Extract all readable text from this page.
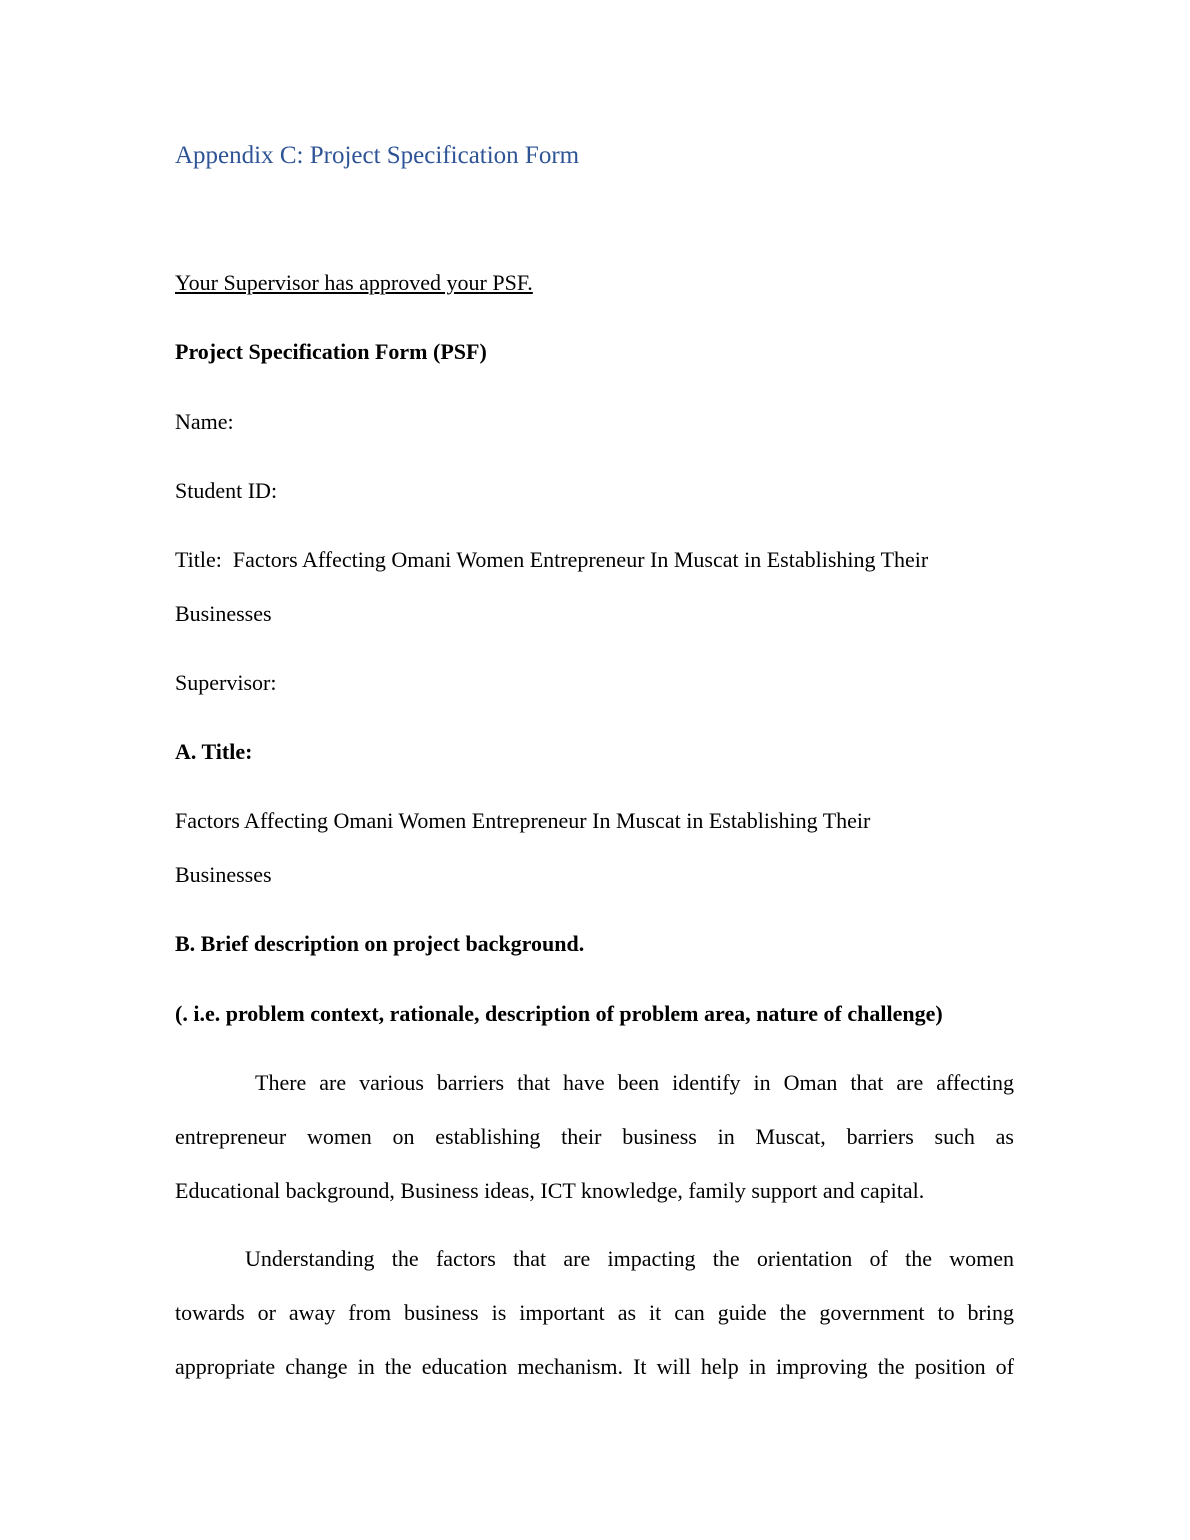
Appendix C: Project Specification Form
Your Supervisor has approved your PSF.
Project Specification Form (PSF)
Name:
Student ID:
Title: Factors Affecting Omani Women Entrepreneur In Muscat in Establishing Their
Businesses
Supervisor:
A. Title:
Factors Affecting Omani Women Entrepreneur In Muscat in Establishing Their
Businesses
B. Brief description on project background.
(. i.e. problem context, rationale, description of problem area, nature of challenge)
There are various barriers that have been identify in Oman that are affecting
entrepreneur women on establishing their business in Muscat, barriers such as
Educational background, Business ideas, ICT knowledge, family support and capital.
Understanding the factors that are impacting the orientation of the women
towards or away from business is important as it can guide the government to bring
appropriate change in the education mechanism. It will help in improving the position of
